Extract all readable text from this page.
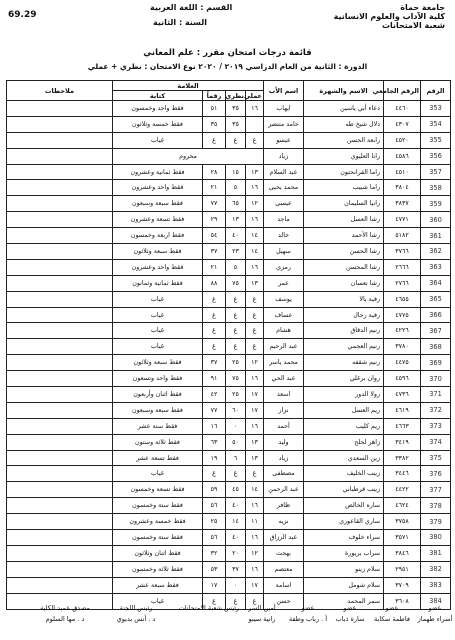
جامعة حماة
كلية الآداب والعلوم الانسانية
شعبة الامتحانات
القسم : اللغة العربية
السنة : الثانية
69.29
قائمة درجات امتحان مقرر : علم المعاني
الدورة : الثانية من العام الدراسي ٢٠١٩ / ٢٠٢٠ نوع الامتحان : نظري + عملي
الرقم	الرقم الجامعي	الاسم والشهرة	اسم الأب	العلامة				ملاحظات
				عملي	نظري	رقماً	كتابة	
353	٤٤٦٠	دعاء أبي ياسين	ايهاب	١٦	٣٥	٥١	فقط واحد وخمسون	
354	٤٣٠٧	دلال شيخ طه	حامد منتصر		٣٥	٣٥	فقط خمسة وثلاثون	
355	٤٥٢٠	رابعة الحسن	عيسو	غ	غ	غ	غياب	
356	٤٥٨٦	رانا العليوي	زياد	محروم				
357	٤٥١٠	راما القرانحتون	عبد السلام	١٣	١٥	٢٨	فقط ثمانية وعشرون	
358	٣٨٠٤	راما شبيب	محمد يحيى	١٦	٥	٢١	فقط واحد وعشرون	
359	٣٨٣٧	رانيا السليمان	عيسى	١٢	٦٥	٧٧	فقط سبعة وسبعون	
360	٤٧٧١	رشا العسل	ماجد	١٦	١٣	٢٩	فقط تسعة وعشرون	
361	٥١٨٢	رشا الأحمد	خالد	١٤	٤٠	٥٤	فقط اربعة وخمسون	
362	٣٧٦٦	رشا الحسن	سهيل	١٤	٢٣	٣٧	فقط سبعة وثلاثون	
363	٢٦٦٦	رشا المحسن	رمزي	١٦	٥	٢١	فقط واحد وعشرون	
364	٢٧٦٦	رشا نعسان	عمر	١٣	٧٥	٨٨	فقط ثمانية وثمانون	
365	٤٦٥٥	رقية بالا	يوسف	غ	غ	غ	غياب	
366	٤٧٧٥	رقية رجال	عساف	غ	غ	غ	غياب	
367	٤٢٢٦	رنيم الدقاق	هشام	غ	غ	غ	غياب	
368	٣٧٨٠	رنيم العجمي	عبد الرحيم	غ	غ	غ	غياب	
369	٤٤٧٥	رنيم شقفه	محمد ياسر	١٢	٢٥	٣٧	فقط سبعة وثلاثون	
370	٤٥٩٦	روان برغلي	عبد الحي	١٦	٧٥	٩١	فقط واحد وتسعون	
371	٤٧٣٦	رولا الدور	اسعد	١٧	٢٥	٤٢	فقط اثنان وأربعون	
372	٤٦١٩	ريم العسل	نزار	١٧	٦٠	٧٧	فقط سبعة وسبعون	
373	٤٦٦٣	ريم كليب	أحمد	١٦	٠	١٦	فقط ستة عشر	
374	٣٤١٩	زاهر لحلح	وليد	١٣	٥٠	٦٣	فقط ثلاثة وستون	
375	٣٣٨٢	زين السعدي	زياد	١٣	٦	١٩	فقط تسعة عشر	
376	٣٤٤٦	زينب الخليف	مصطفى	غ	غ	غ	غياب	
377	٤٤٢٢	زينب قرطباني	عبد الرحمن	١٤	٤٥	٥٩	فقط تسعة وخمسون	
378	٤٦٢٤	ساره الخالص	ظافر	١٦	٤٠	٥٦	فقط ستة وخمسون	
379	٣٧٥٨	ساري القاعوري	نزيه	١١	١٤	٢٥	فقط خمسة وعشرون	
380	٣٥٧١	سراء خلوف	عبد الرزاق	١٦	٤٠	٥٦	فقط ستة وخمسون	
381	٣٨٤٦	سراب بريورة	بهجت	١٢	٢٠	٣٢	فقط اثنان وثلاثون	
382	٢٩٥١	سلام زينو	معتصم	١٦	٣٧	٥٣	فقط ثلاثة وخمسون	
383	٣٧٠٩	سلام شومل	اسامة	١٧	٠	١٧	فقط سبعة عشر	
384	٣٦٠٨	سمر المحمد	حسن	غ	غ	غ	غياب	
عضو
أسراء طهماز
عضو
فاطمة سكابة
عضو
سارة ذياب
عضو
أ . رباب وطفة
أمين السر
رانية سيبو
رئيس شعبة الامتحانات
رئيس اللجنة
د . أنس بديوي
مصدق عميد الكلية
د . مها السلوم
